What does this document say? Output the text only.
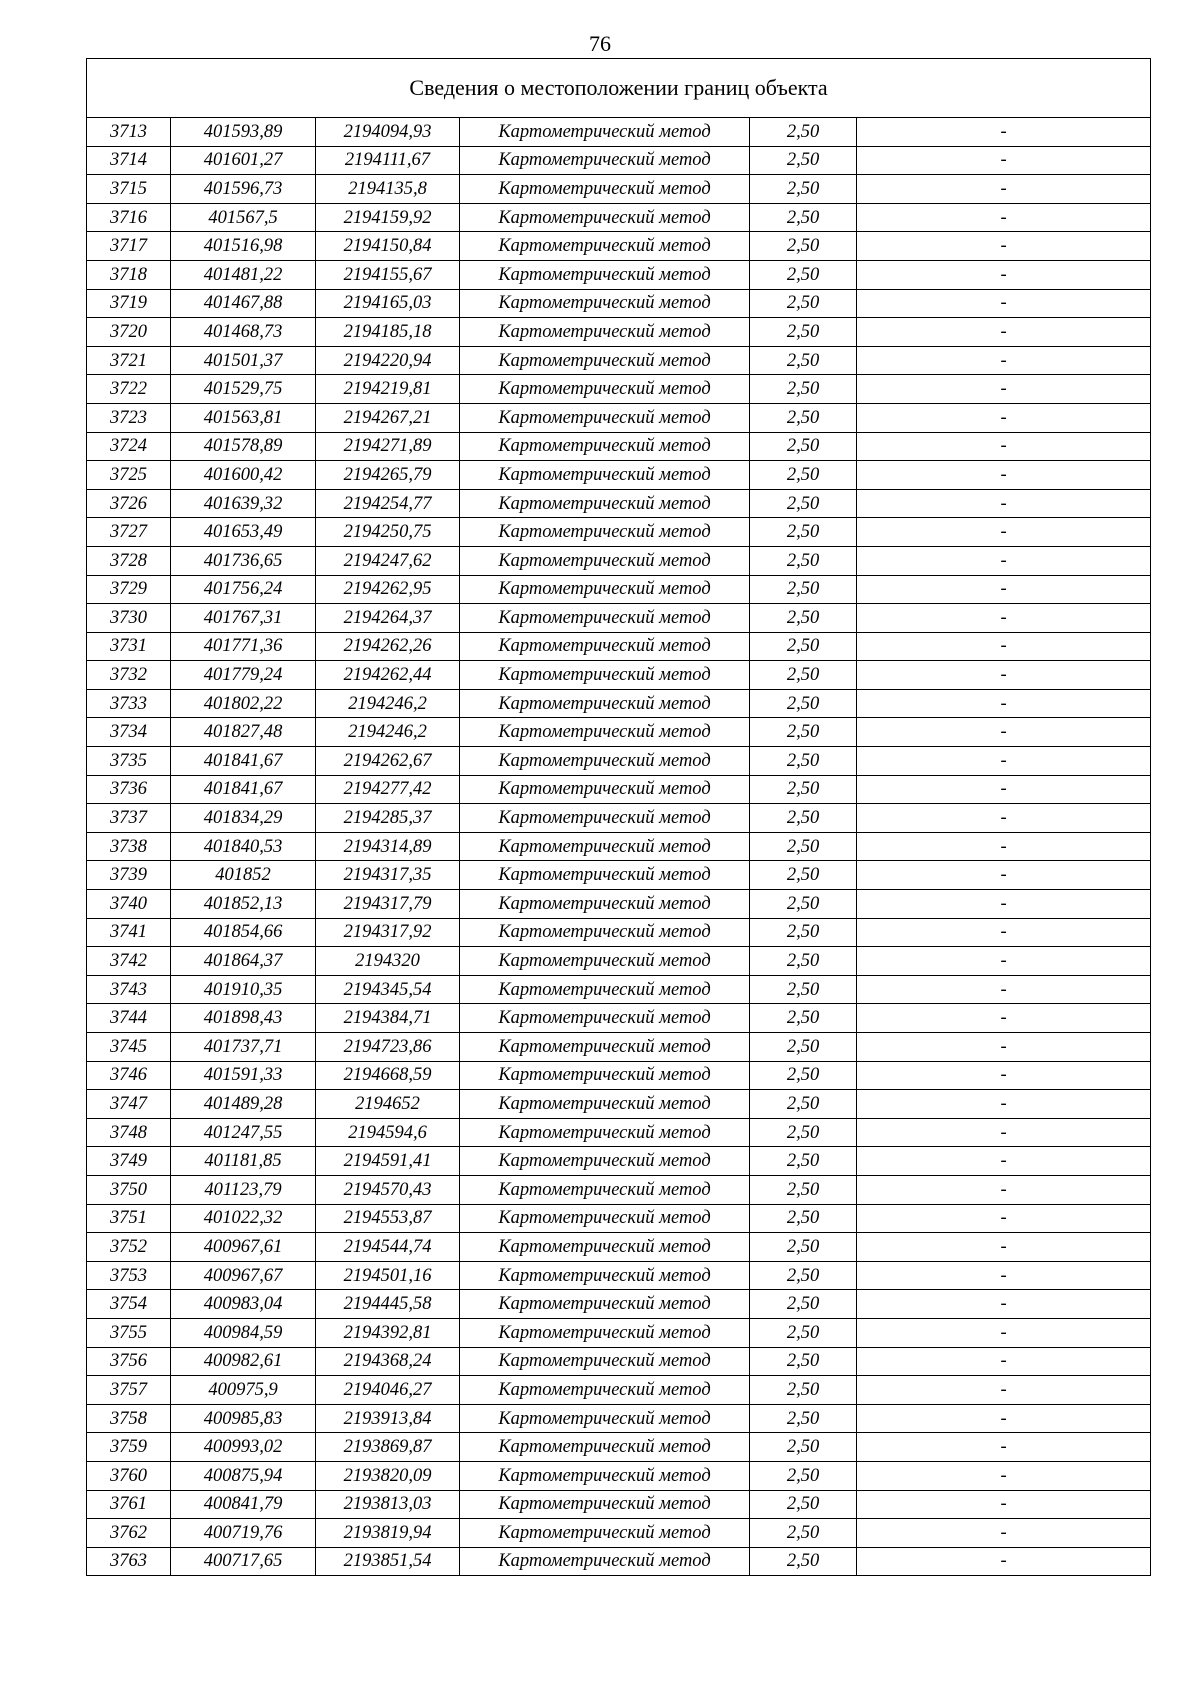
76
Сведения о местоположении границ объекта					
3713	401593,89	2194094,93	Картометрический метод	2,50	-
3714	401601,27	2194111,67	Картометрический метод	2,50	-
3715	401596,73	2194135,8	Картометрический метод	2,50	-
3716	401567,5	2194159,92	Картометрический метод	2,50	-
3717	401516,98	2194150,84	Картометрический метод	2,50	-
3718	401481,22	2194155,67	Картометрический метод	2,50	-
3719	401467,88	2194165,03	Картометрический метод	2,50	-
3720	401468,73	2194185,18	Картометрический метод	2,50	-
3721	401501,37	2194220,94	Картометрический метод	2,50	-
3722	401529,75	2194219,81	Картометрический метод	2,50	-
3723	401563,81	2194267,21	Картометрический метод	2,50	-
3724	401578,89	2194271,89	Картометрический метод	2,50	-
3725	401600,42	2194265,79	Картометрический метод	2,50	-
3726	401639,32	2194254,77	Картометрический метод	2,50	-
3727	401653,49	2194250,75	Картометрический метод	2,50	-
3728	401736,65	2194247,62	Картометрический метод	2,50	-
3729	401756,24	2194262,95	Картометрический метод	2,50	-
3730	401767,31	2194264,37	Картометрический метод	2,50	-
3731	401771,36	2194262,26	Картометрический метод	2,50	-
3732	401779,24	2194262,44	Картометрический метод	2,50	-
3733	401802,22	2194246,2	Картометрический метод	2,50	-
3734	401827,48	2194246,2	Картометрический метод	2,50	-
3735	401841,67	2194262,67	Картометрический метод	2,50	-
3736	401841,67	2194277,42	Картометрический метод	2,50	-
3737	401834,29	2194285,37	Картометрический метод	2,50	-
3738	401840,53	2194314,89	Картометрический метод	2,50	-
3739	401852	2194317,35	Картометрический метод	2,50	-
3740	401852,13	2194317,79	Картометрический метод	2,50	-
3741	401854,66	2194317,92	Картометрический метод	2,50	-
3742	401864,37	2194320	Картометрический метод	2,50	-
3743	401910,35	2194345,54	Картометрический метод	2,50	-
3744	401898,43	2194384,71	Картометрический метод	2,50	-
3745	401737,71	2194723,86	Картометрический метод	2,50	-
3746	401591,33	2194668,59	Картометрический метод	2,50	-
3747	401489,28	2194652	Картометрический метод	2,50	-
3748	401247,55	2194594,6	Картометрический метод	2,50	-
3749	401181,85	2194591,41	Картометрический метод	2,50	-
3750	401123,79	2194570,43	Картометрический метод	2,50	-
3751	401022,32	2194553,87	Картометрический метод	2,50	-
3752	400967,61	2194544,74	Картометрический метод	2,50	-
3753	400967,67	2194501,16	Картометрический метод	2,50	-
3754	400983,04	2194445,58	Картометрический метод	2,50	-
3755	400984,59	2194392,81	Картометрический метод	2,50	-
3756	400982,61	2194368,24	Картометрический метод	2,50	-
3757	400975,9	2194046,27	Картометрический метод	2,50	-
3758	400985,83	2193913,84	Картометрический метод	2,50	-
3759	400993,02	2193869,87	Картометрический метод	2,50	-
3760	400875,94	2193820,09	Картометрический метод	2,50	-
3761	400841,79	2193813,03	Картометрический метод	2,50	-
3762	400719,76	2193819,94	Картометрический метод	2,50	-
3763	400717,65	2193851,54	Картометрический метод	2,50	-
